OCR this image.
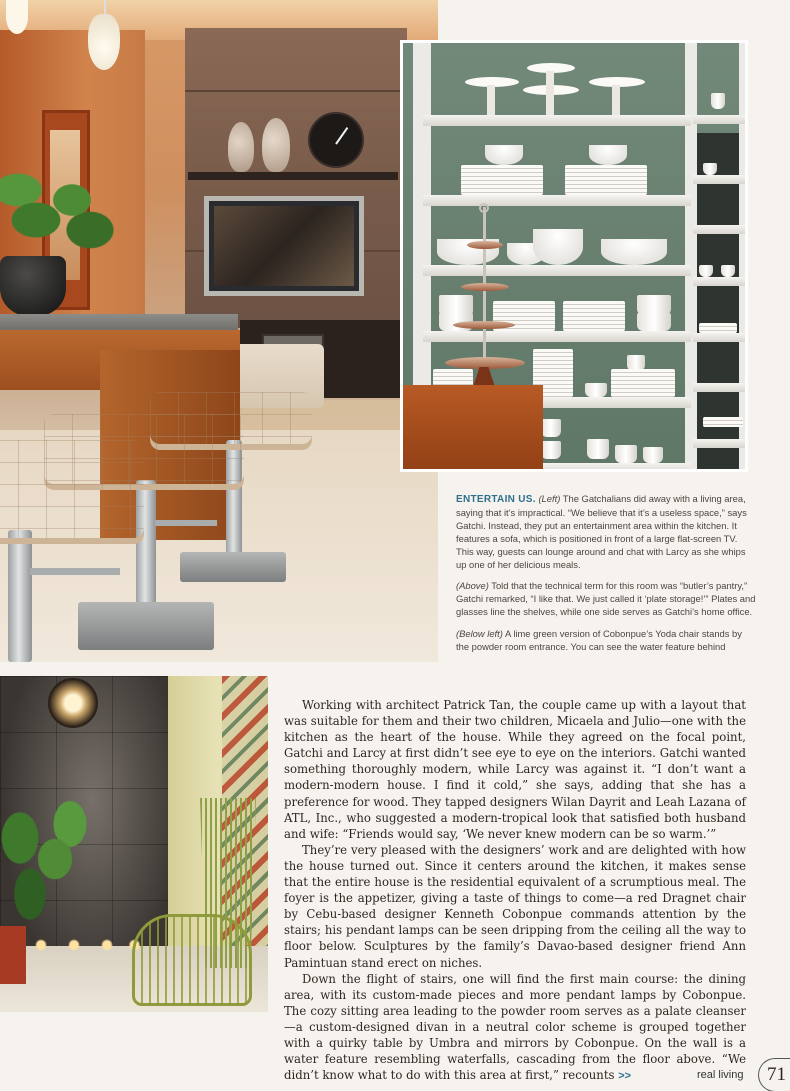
ENTERTAIN US. (Left) The Gatchalians did away with a living area, saying that it’s impractical. “We believe that it’s a useless space,” says Gatchi. Instead, they put an entertainment area within the kitchen. It features a sofa, which is positioned in front of a large flat-screen TV. This way, guests can lounge around and chat with Larcy as she whips up one of her delicious meals.

(Above) Told that the technical term for this room was “butler’s pantry,” Gatchi remarked, “I like that. We just called it ‘plate storage!’” Plates and glasses line the shelves, while one side serves as Gatchi’s home office.

(Below left) A lime green version of Cobonpue’s Yoda chair stands by the powder room entrance. You can see the water feature behind

Working with architect Patrick Tan, the couple came up with a layout that was suitable for them and their two children, Micaela and Julio—one with the kitchen as the heart of the house. While they agreed on the focal point, Gatchi and Larcy at first didn’t see eye to eye on the interiors. Gatchi wanted something thoroughly modern, while Larcy was against it. “I don’t want a modern-modern house. I find it cold,” she says, adding that she has a preference for wood. They tapped designers Wilan Dayrit and Leah Lazana of ATL, Inc., who suggested a modern-tropical look that satisfied both husband and wife: “Friends would say, ‘We never knew modern can be so warm.’”

They’re very pleased with the designers’ work and are delighted with how the house turned out. Since it centers around the kitchen, it makes sense that the entire house is the residential equivalent of a scrumptious meal. The foyer is the appetizer, giving a taste of things to come—a red Dragnet chair by Cebu-based designer Kenneth Cobonpue commands attention by the stairs; his pendant lamps can be seen dripping from the ceiling all the way to floor below. Sculptures by the family’s Davao-based designer friend Ann Pamintuan stand erect on niches.

Down the flight of stairs, one will find the first main course: the dining area, with its custom-made pieces and more pendant lamps by Cobonpue. The cozy sitting area leading to the powder room serves as a palate cleanser—a custom-designed divan in a neutral color scheme is grouped together with a quirky table by Umbra and mirrors by Cobonpue. On the wall is a water feature resembling waterfalls, cascading from the floor above. “We didn’t know what to do with this area at first,” recounts >>	real living	71
